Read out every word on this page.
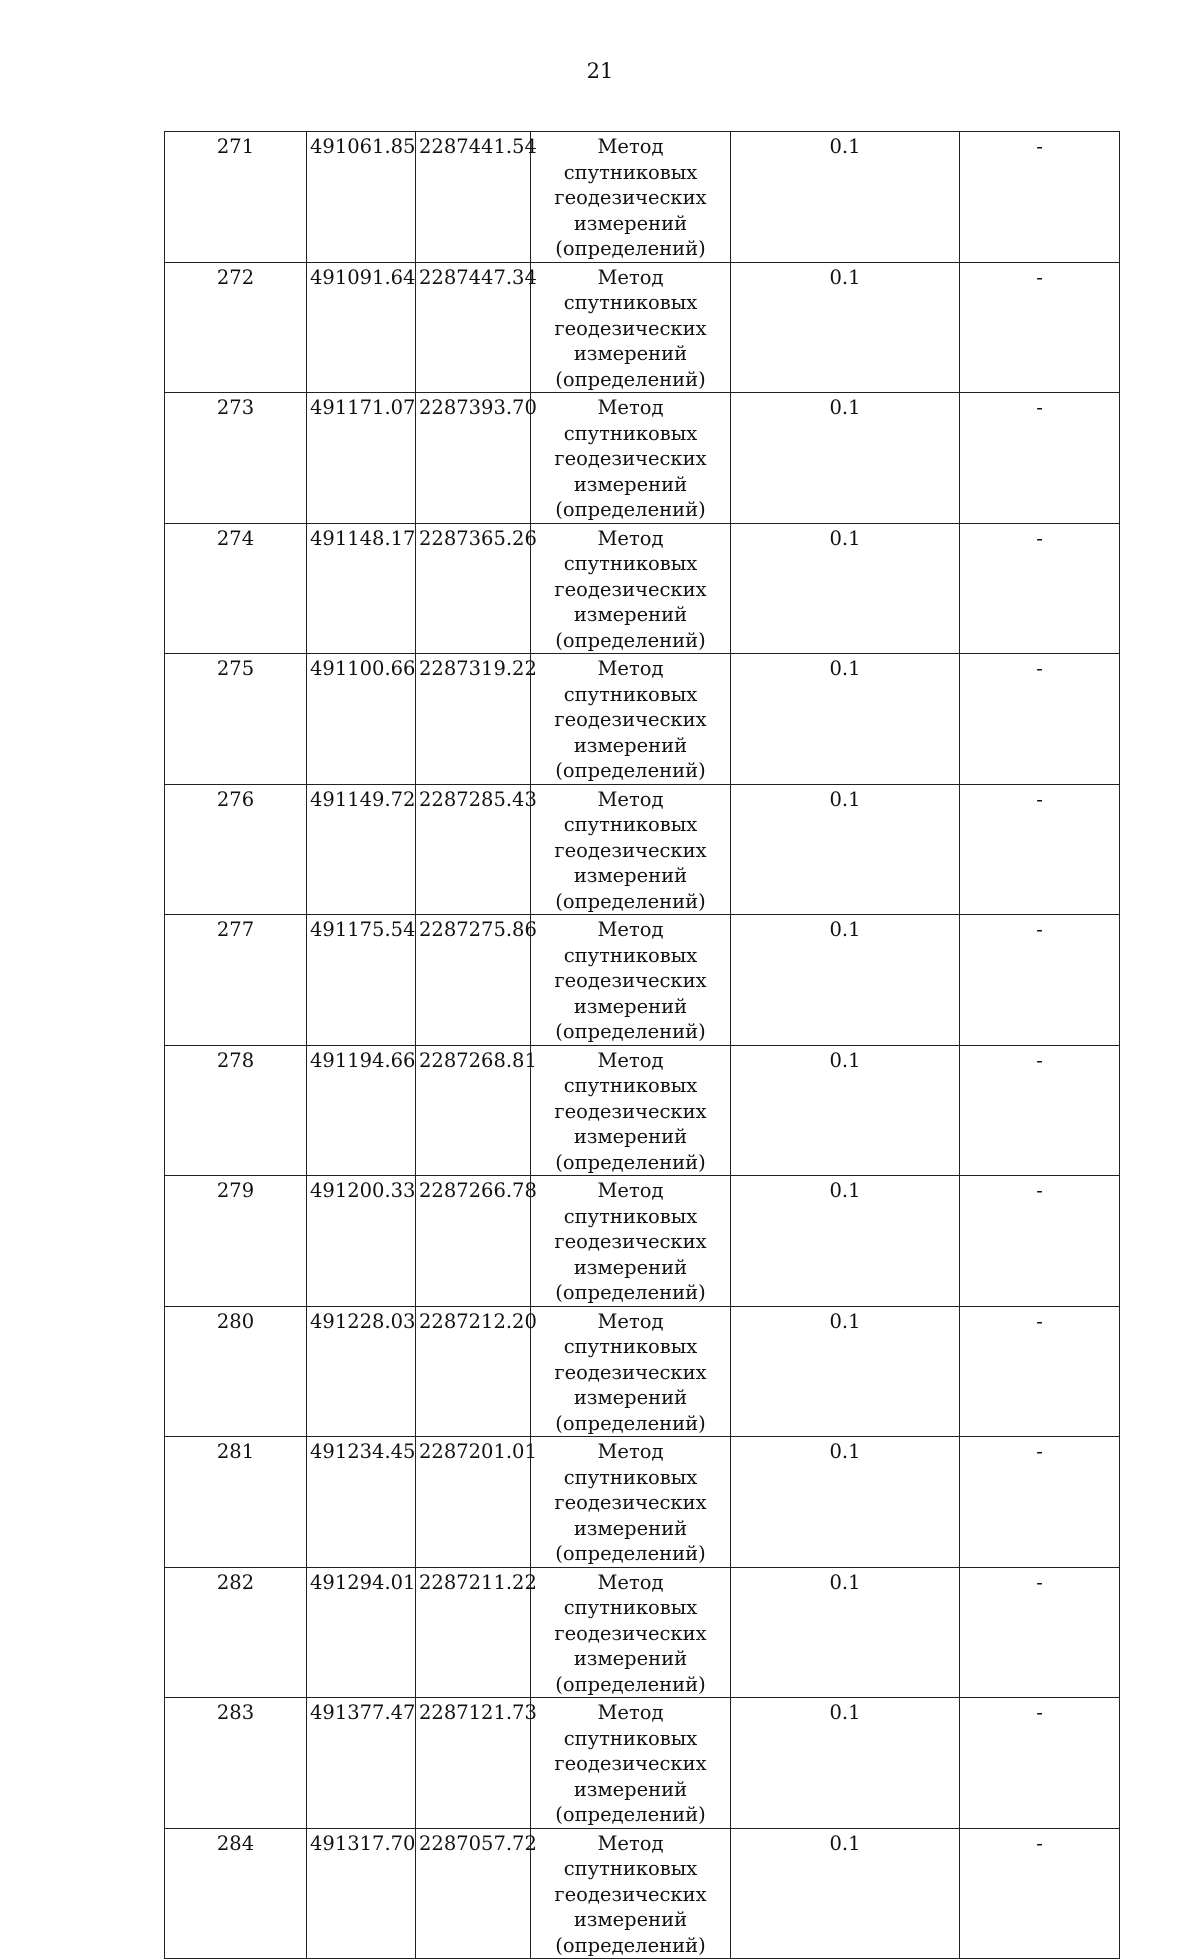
21
271	491061.85	2287441.54	Метод спутниковых
геодезических
измерений
(определений)	0.1	-
272	491091.64	2287447.34	Метод спутниковых
геодезических
измерений
(определений)	0.1	-
273	491171.07	2287393.70	Метод спутниковых
геодезических
измерений
(определений)	0.1	-
274	491148.17	2287365.26	Метод спутниковых
геодезических
измерений
(определений)	0.1	-
275	491100.66	2287319.22	Метод спутниковых
геодезических
измерений
(определений)	0.1	-
276	491149.72	2287285.43	Метод спутниковых
геодезических
измерений
(определений)	0.1	-
277	491175.54	2287275.86	Метод спутниковых
геодезических
измерений
(определений)	0.1	-
278	491194.66	2287268.81	Метод спутниковых
геодезических
измерений
(определений)	0.1	-
279	491200.33	2287266.78	Метод спутниковых
геодезических
измерений
(определений)	0.1	-
280	491228.03	2287212.20	Метод спутниковых
геодезических
измерений
(определений)	0.1	-
281	491234.45	2287201.01	Метод спутниковых
геодезических
измерений
(определений)	0.1	-
282	491294.01	2287211.22	Метод спутниковых
геодезических
измерений
(определений)	0.1	-
283	491377.47	2287121.73	Метод спутниковых
геодезических
измерений
(определений)	0.1	-
284	491317.70	2287057.72	Метод спутниковых
геодезических
измерений
(определений)	0.1	-
